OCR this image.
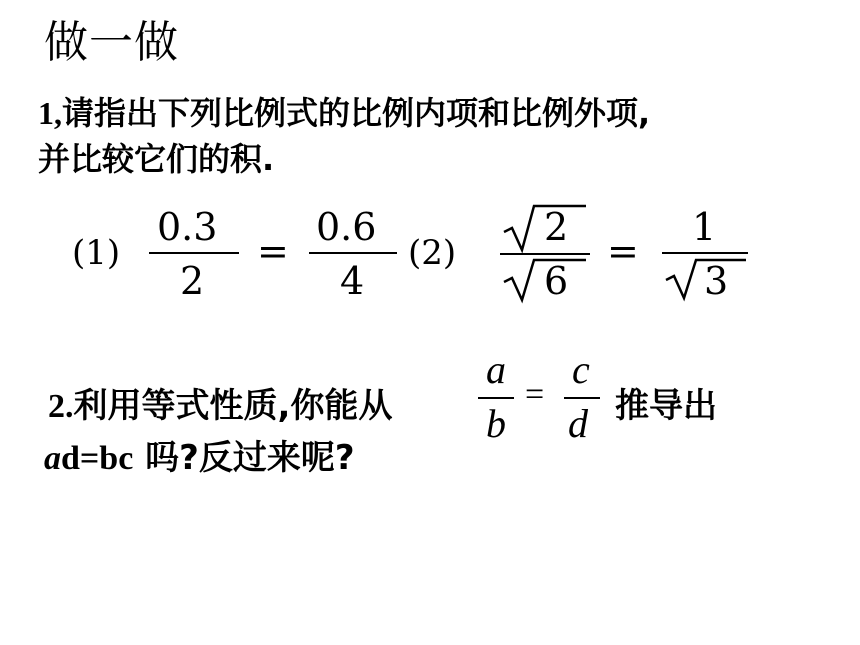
做一做
1,请指出下列比例式的比例内项和比例外项,
并比较它们的积.
(1)
0.3
2
=
0.6
4
(2)
2
6
=
1
3
2.利用等式性质,你能从
a
b
=
c
d 推导出
ad=bc 吗?反过来呢?
